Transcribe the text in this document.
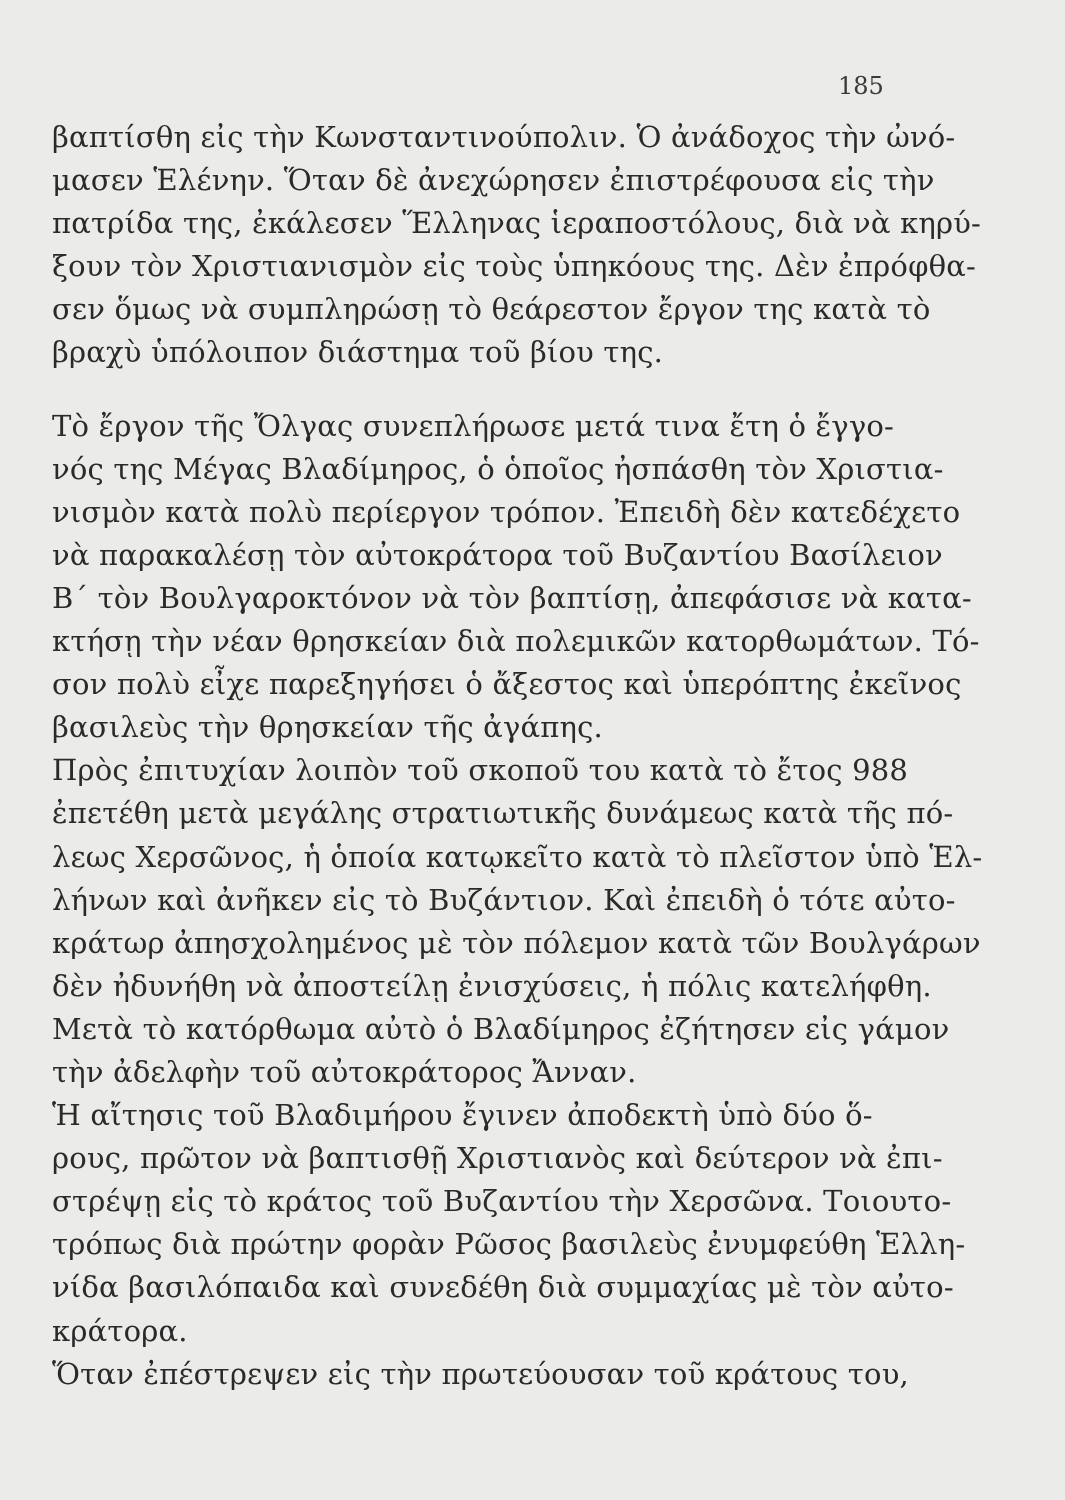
185
βαπτίσθη εἰς τὴν Κωνσταντινούπολιν. Ὁ ἀνάδοχος τὴν ὠνό-
μασεν Ἑλένην. Ὅταν δὲ ἀνεχώρησεν ἐπιστρέφουσα εἰς τὴν
πατρίδα της, ἐκάλεσεν Ἕλληνας ἱεραποστόλους, διὰ νὰ κηρύ-
ξουν τὸν Χριστιανισμὸν εἰς τοὺς ὑπηκόους της. Δὲν ἐπρόφθα-
σεν ὅμως νὰ συμπληρώσῃ τὸ θεάρεστον ἔργον της κατὰ τὸ
βραχὺ ὑπόλοιπον διάστημα τοῦ βίου της.
Τὸ ἔργον τῆς Ὄλγας συνεπλήρωσε μετά τινα ἔτη ὁ ἔγγο-
νός της Μέγας Βλαδίμηρος, ὁ ὁποῖος ἠσπάσθη τὸν Χριστια-
νισμὸν κατὰ πολὺ περίεργον τρόπον. Ἐπειδὴ δὲν κατεδέχετο
νὰ παρακαλέσῃ τὸν αὐτοκράτορα τοῦ Βυζαντίου Βασίλειον
Β΄ τὸν Βουλγαροκτόνον νὰ τὸν βαπτίσῃ, ἀπεφάσισε νὰ κατα-
κτήσῃ τὴν νέαν θρησκείαν διὰ πολεμικῶν κατορθωμάτων. Τό-
σον πολὺ εἶχε παρεξηγήσει ὁ ἄξεστος καὶ ὑπερόπτης ἐκεῖνος
βασιλεὺς τὴν θρησκείαν τῆς ἀγάπης.
Πρὸς ἐπιτυχίαν λοιπὸν τοῦ σκοποῦ του κατὰ τὸ ἔτος 988
ἐπετέθη μετὰ μεγάλης στρατιωτικῆς δυνάμεως κατὰ τῆς πό-
λεως Χερσῶνος, ἡ ὁποία κατῳκεῖτο κατὰ τὸ πλεῖστον ὑπὸ Ἑλ-
λήνων καὶ ἀνῆκεν εἰς τὸ Βυζάντιον. Καὶ ἐπειδὴ ὁ τότε αὐτο-
κράτωρ ἀπησχολημένος μὲ τὸν πόλεμον κατὰ τῶν Βουλγάρων
δὲν ἠδυνήθη νὰ ἀποστείλῃ ἐνισχύσεις, ἡ πόλις κατελήφθη.
Μετὰ τὸ κατόρθωμα αὐτὸ ὁ Βλαδίμηρος ἐζήτησεν εἰς γάμον
τὴν ἀδελφὴν τοῦ αὐτοκράτορος Ἄνναν.
Ἡ αἴτησις τοῦ Βλαδιμήρου ἔγινεν ἀποδεκτὴ ὑπὸ δύο ὅ-
ρους, πρῶτον νὰ βαπτισθῇ Χριστιανὸς καὶ δεύτερον νὰ ἐπι-
στρέψῃ εἰς τὸ κράτος τοῦ Βυζαντίου τὴν Χερσῶνα. Τοιουτο-
τρόπως διὰ πρώτην φορὰν Ρῶσος βασιλεὺς ἐνυμφεύθη Ἑλλη-
νίδα βασιλόπαιδα καὶ συνεδέθη διὰ συμμαχίας μὲ τὸν αὐτο-
κράτορα.
Ὅταν ἐπέστρεψεν εἰς τὴν πρωτεύουσαν τοῦ κράτους του,
